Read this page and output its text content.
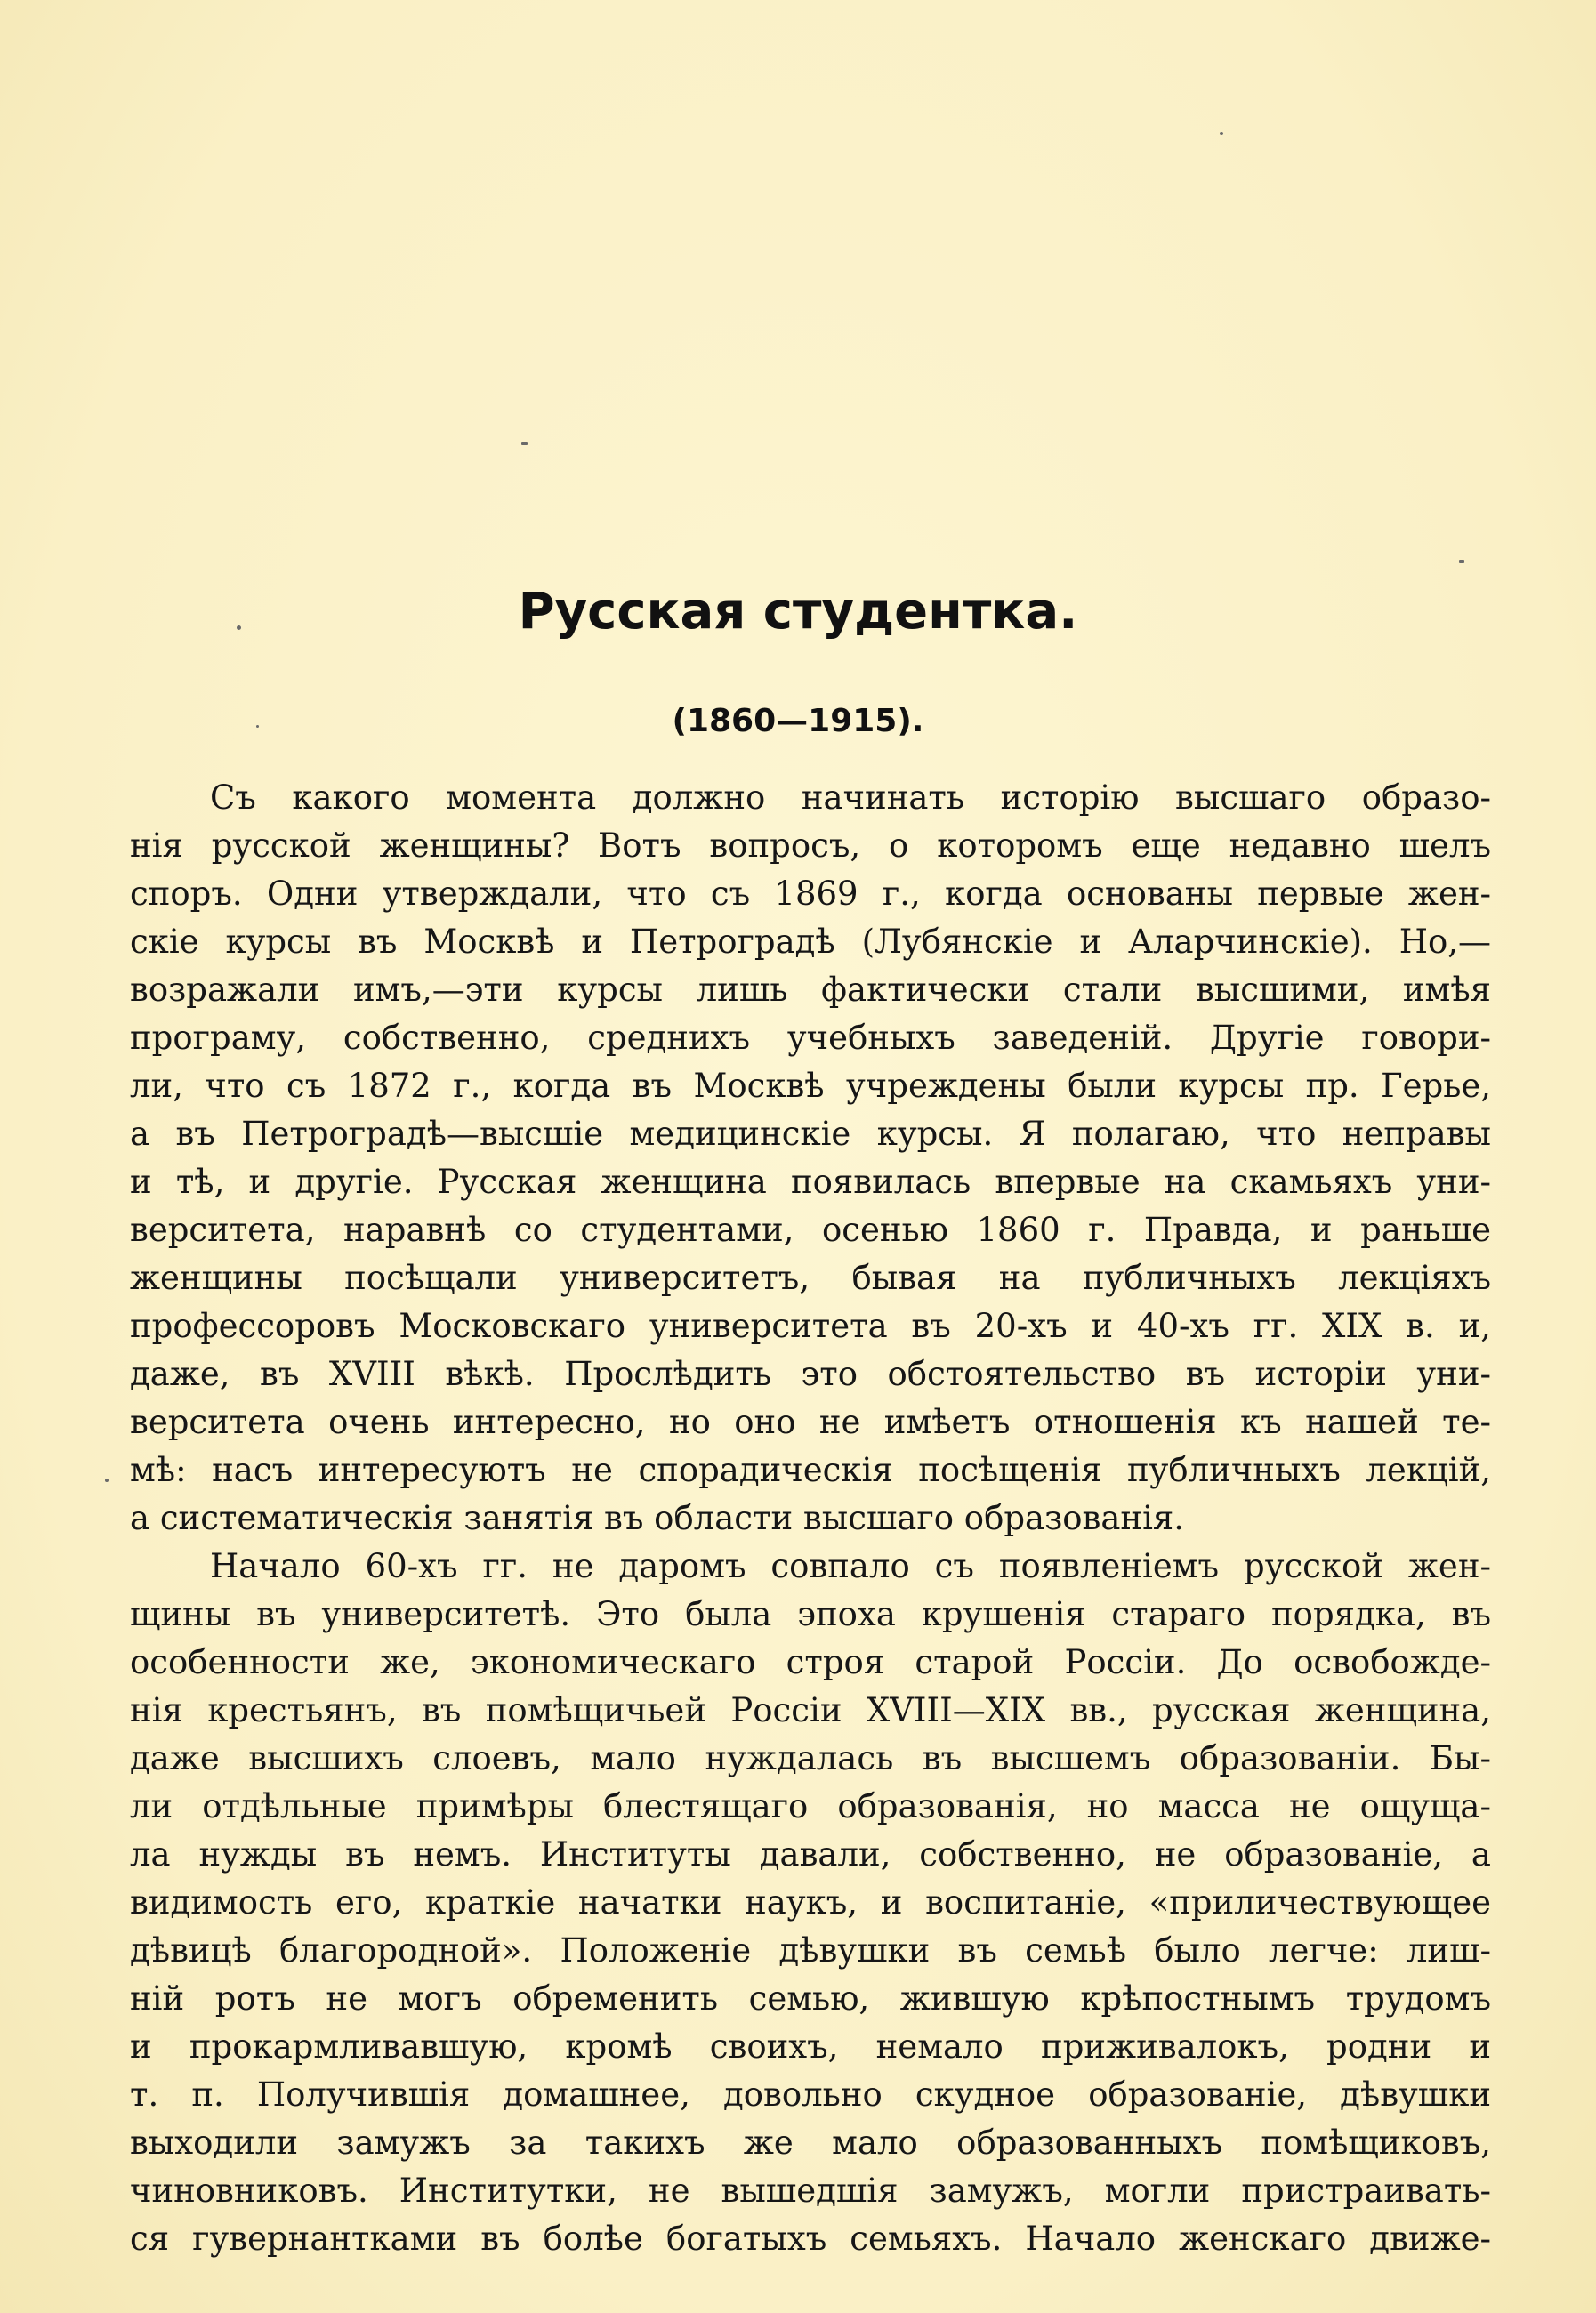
Русская студентка.
(1860—1915).
Съ какого момента должно начинать исторію высшаго образо-
нія русской женщины? Вотъ вопросъ, о которомъ еще недавно шелъ
споръ. Одни утверждали, что съ 1869 г., когда основаны первые жен-
скіе курсы въ Москвѣ и Петроградѣ (Лубянскіе и Аларчинскіе). Но,—
возражали имъ,—эти курсы лишь фактически стали высшими, имѣя
програму, собственно, среднихъ учебныхъ заведеній. Другіе говори-
ли, что съ 1872 г., когда въ Москвѣ учреждены были курсы пр. Герье,
а въ Петроградѣ—высшіе медицинскіе курсы. Я полагаю, что неправы
и тѣ, и другіе. Русская женщина появилась впервые на скамьяхъ уни-
верситета, наравнѣ со студентами, осенью 1860 г. Правда, и раньше
женщины посѣщали университетъ, бывая на публичныхъ лекціяхъ
профессоровъ Московскаго университета въ 20-хъ и 40-хъ гг. XIX в. и,
даже, въ XVIII вѣкѣ. Прослѣдить это обстоятельство въ исторіи уни-
верситета очень интересно, но оно не имѣетъ отношенія къ нашей те-
мѣ: насъ интересуютъ не спорадическія посѣщенія публичныхъ лекцій,
а систематическія занятія въ области высшаго образованія.
Начало 60-хъ гг. не даромъ совпало съ появленіемъ русской жен-
щины въ университетѣ. Это была эпоха крушенія стараго порядка, въ
особенности же, экономическаго строя старой Россіи. До освобожде-
нія крестьянъ, въ помѣщичьей Россіи XVIII—XIX вв., русская женщина,
даже высшихъ слоевъ, мало нуждалась въ высшемъ образованіи. Бы-
ли отдѣльные примѣры блестящаго образованія, но масса не ощуща-
ла нужды въ немъ. Институты давали, собственно, не образованіе, а
видимость его, краткіе начатки наукъ, и воспитаніе, «приличествующее
дѣвицѣ благородной». Положеніе дѣвушки въ семьѣ было легче: лиш-
ній ротъ не могъ обременить семью, жившую крѣпостнымъ трудомъ
и прокармливавшую, кромѣ своихъ, немало приживалокъ, родни и
т. п. Получившія домашнее, довольно скудное образованіе, дѣвушки
выходили замужъ за такихъ же мало образованныхъ помѣщиковъ,
чиновниковъ. Институтки, не вышедшія замужъ, могли пристраивать-
ся гувернантками въ болѣе богатыхъ семьяхъ. Начало женскаго движе-
